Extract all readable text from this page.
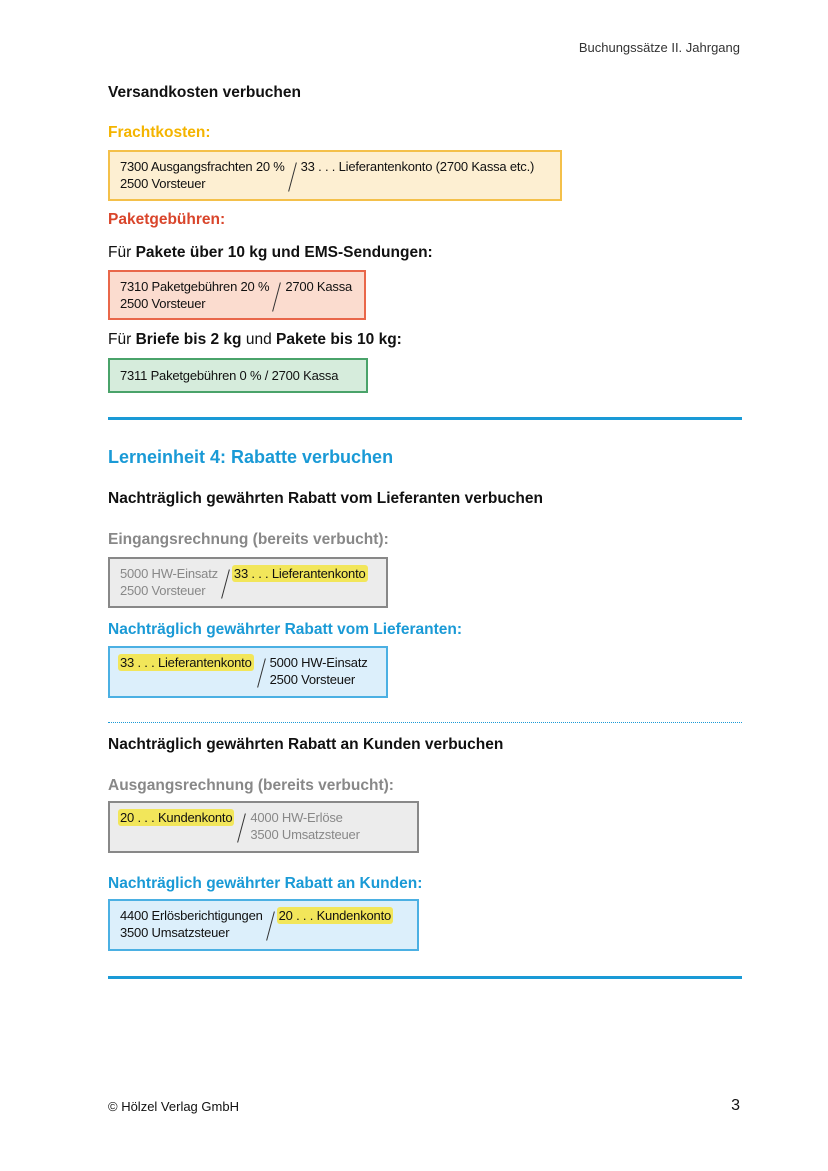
Buchungssätze II. Jahrgang
Versandkosten verbuchen
Frachtkosten:
7300 Ausgangsfrachten 20 %
2500 Vorsteuer
33 . . . Lieferantenkonto (2700 Kassa etc.)
Paketgebühren:
Für Pakete über 10 kg und EMS-Sendungen:
7310 Paketgebühren 20 %
2500 Vorsteuer
2700 Kassa
Für Briefe bis 2 kg und Pakete bis 10 kg:
7311 Paketgebühren 0 % / 2700 Kassa
Lerneinheit 4: Rabatte verbuchen
Nachträglich gewährten Rabatt vom Lieferanten verbuchen
Eingangsrechnung (bereits verbucht):
5000 HW-Einsatz
2500 Vorsteuer
33 . . . Lieferantenkonto
Nachträglich gewährter Rabatt vom Lieferanten:
33 . . . Lieferantenkonto 5000 HW-Einsatz
2500 Vorsteuer
Nachträglich gewährten Rabatt an Kunden verbuchen
Ausgangsrechnung (bereits verbucht):
20 . . . Kundenkonto 4000 HW-Erlöse
3500 Umsatzsteuer
Nachträglich gewährter Rabatt an Kunden:
4400 Erlösberichtigungen
3500 Umsatzsteuer
20 . . . Kundenkonto
© Hölzel Verlag GmbH	3
